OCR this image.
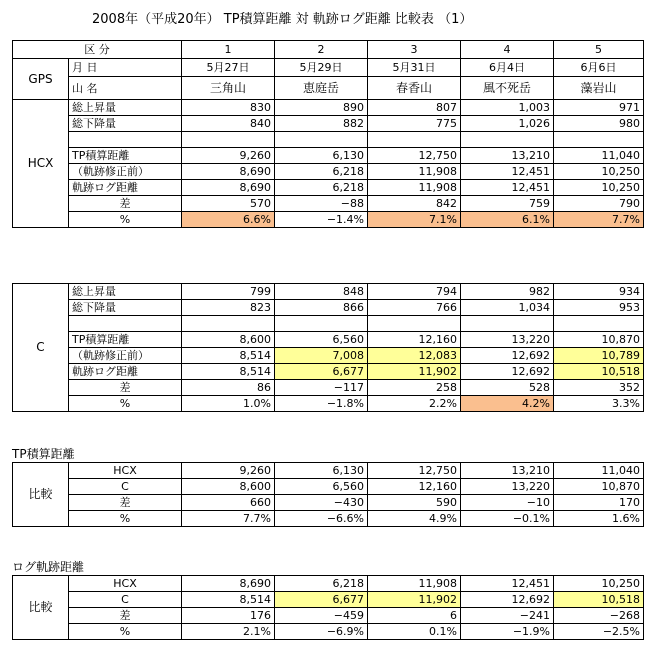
2008年（平成20年） TP積算距離 対 軌跡ログ距離 比較表 （1）
区 分		1	2	3	4	5
GPS	月 日	5月27日	5月29日	5月31日	6月4日	6月6日
	山 名	三角山	恵庭岳	春香山	風不死岳	藻岩山
HCX	総上昇量	830	890	807	1,003	971
	総下降量	840	882	775	1,026	980

	TP積算距離	9,260	6,130	12,750	13,210	11,040
	（軌跡修正前）	8,690	6,218	11,908	12,451	10,250
	軌跡ログ距離	8,690	6,218	11,908	12,451	10,250
	差	570	−88	842	759	790
	%	6.6%	−1.4%	7.1%	6.1%	7.7%
C	総上昇量	799	848	794	982	934
	総下降量	823	866	766	1,034	953

	TP積算距離	8,600	6,560	12,160	13,220	10,870
	（軌跡修正前）	8,514	7,008	12,083	12,692	10,789
	軌跡ログ距離	8,514	6,677	11,902	12,692	10,518
	差	86	−117	258	528	352
	%	1.0%	−1.8%	2.2%	4.2%	3.3%
TP積算距離
比較	HCX	9,260	6,130	12,750	13,210	11,040
	C	8,600	6,560	12,160	13,220	10,870
	差	660	−430	590	−10	170
	%	7.7%	−6.6%	4.9%	−0.1%	1.6%
ログ軌跡距離
比較	HCX	8,690	6,218	11,908	12,451	10,250
	C	8,514	6,677	11,902	12,692	10,518
	差	176	−459	6	−241	−268
	%	2.1%	−6.9%	0.1%	−1.9%	−2.5%
